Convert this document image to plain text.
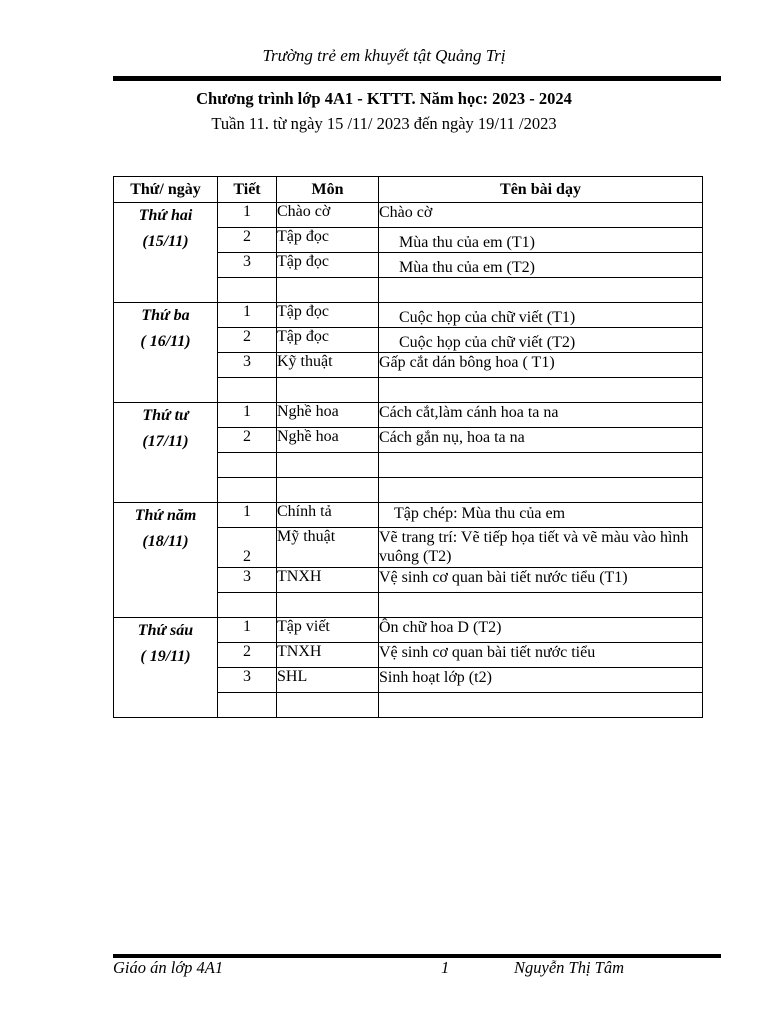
Trường trẻ em khuyết tật Quảng Trị
Chương trình lớp 4A1 - KTTT. Năm học: 2023 - 2024
Tuần 11. từ ngày 15 /11/ 2023 đến ngày 19/11 /2023
Thứ/ ngày	Tiết	Môn	Tên bài dạy

Thứ hai
(15/11)	1	Chào cờ	Chào cờ
	2	Tập đọc	Mùa thu của em (T1)
	3	Tập đọc	Mùa thu của em (T2)

Thứ ba
( 16/11)	1	Tập đọc	Cuộc họp của chữ viết (T1)
	2	Tập đọc	Cuộc họp của chữ viết (T2)
	3	Kỹ thuật	Gấp cắt dán bông hoa ( T1)

Thứ tư
(17/11)	1	Nghề hoa	Cách cắt,làm cánh hoa ta na
	2	Nghề hoa	Cách gắn nụ, hoa ta na

Thứ năm
(18/11)	1	Chính tả	Tập chép: Mùa thu của em
	2	Mỹ thuật	Vẽ trang trí: Vẽ tiếp họa tiết và vẽ màu vào hình vuông (T2)
	3	TNXH	Vệ sinh cơ quan bài tiết nước tiểu (T1)

Thứ sáu
( 19/11)	1	Tập viết	Ôn chữ hoa D (T2)
	2	TNXH	Vệ sinh cơ quan bài tiết nước tiểu
	3	SHL	Sinh hoạt lớp (t2)

Giáo án lớp 4A1	1	Nguyễn Thị Tâm
